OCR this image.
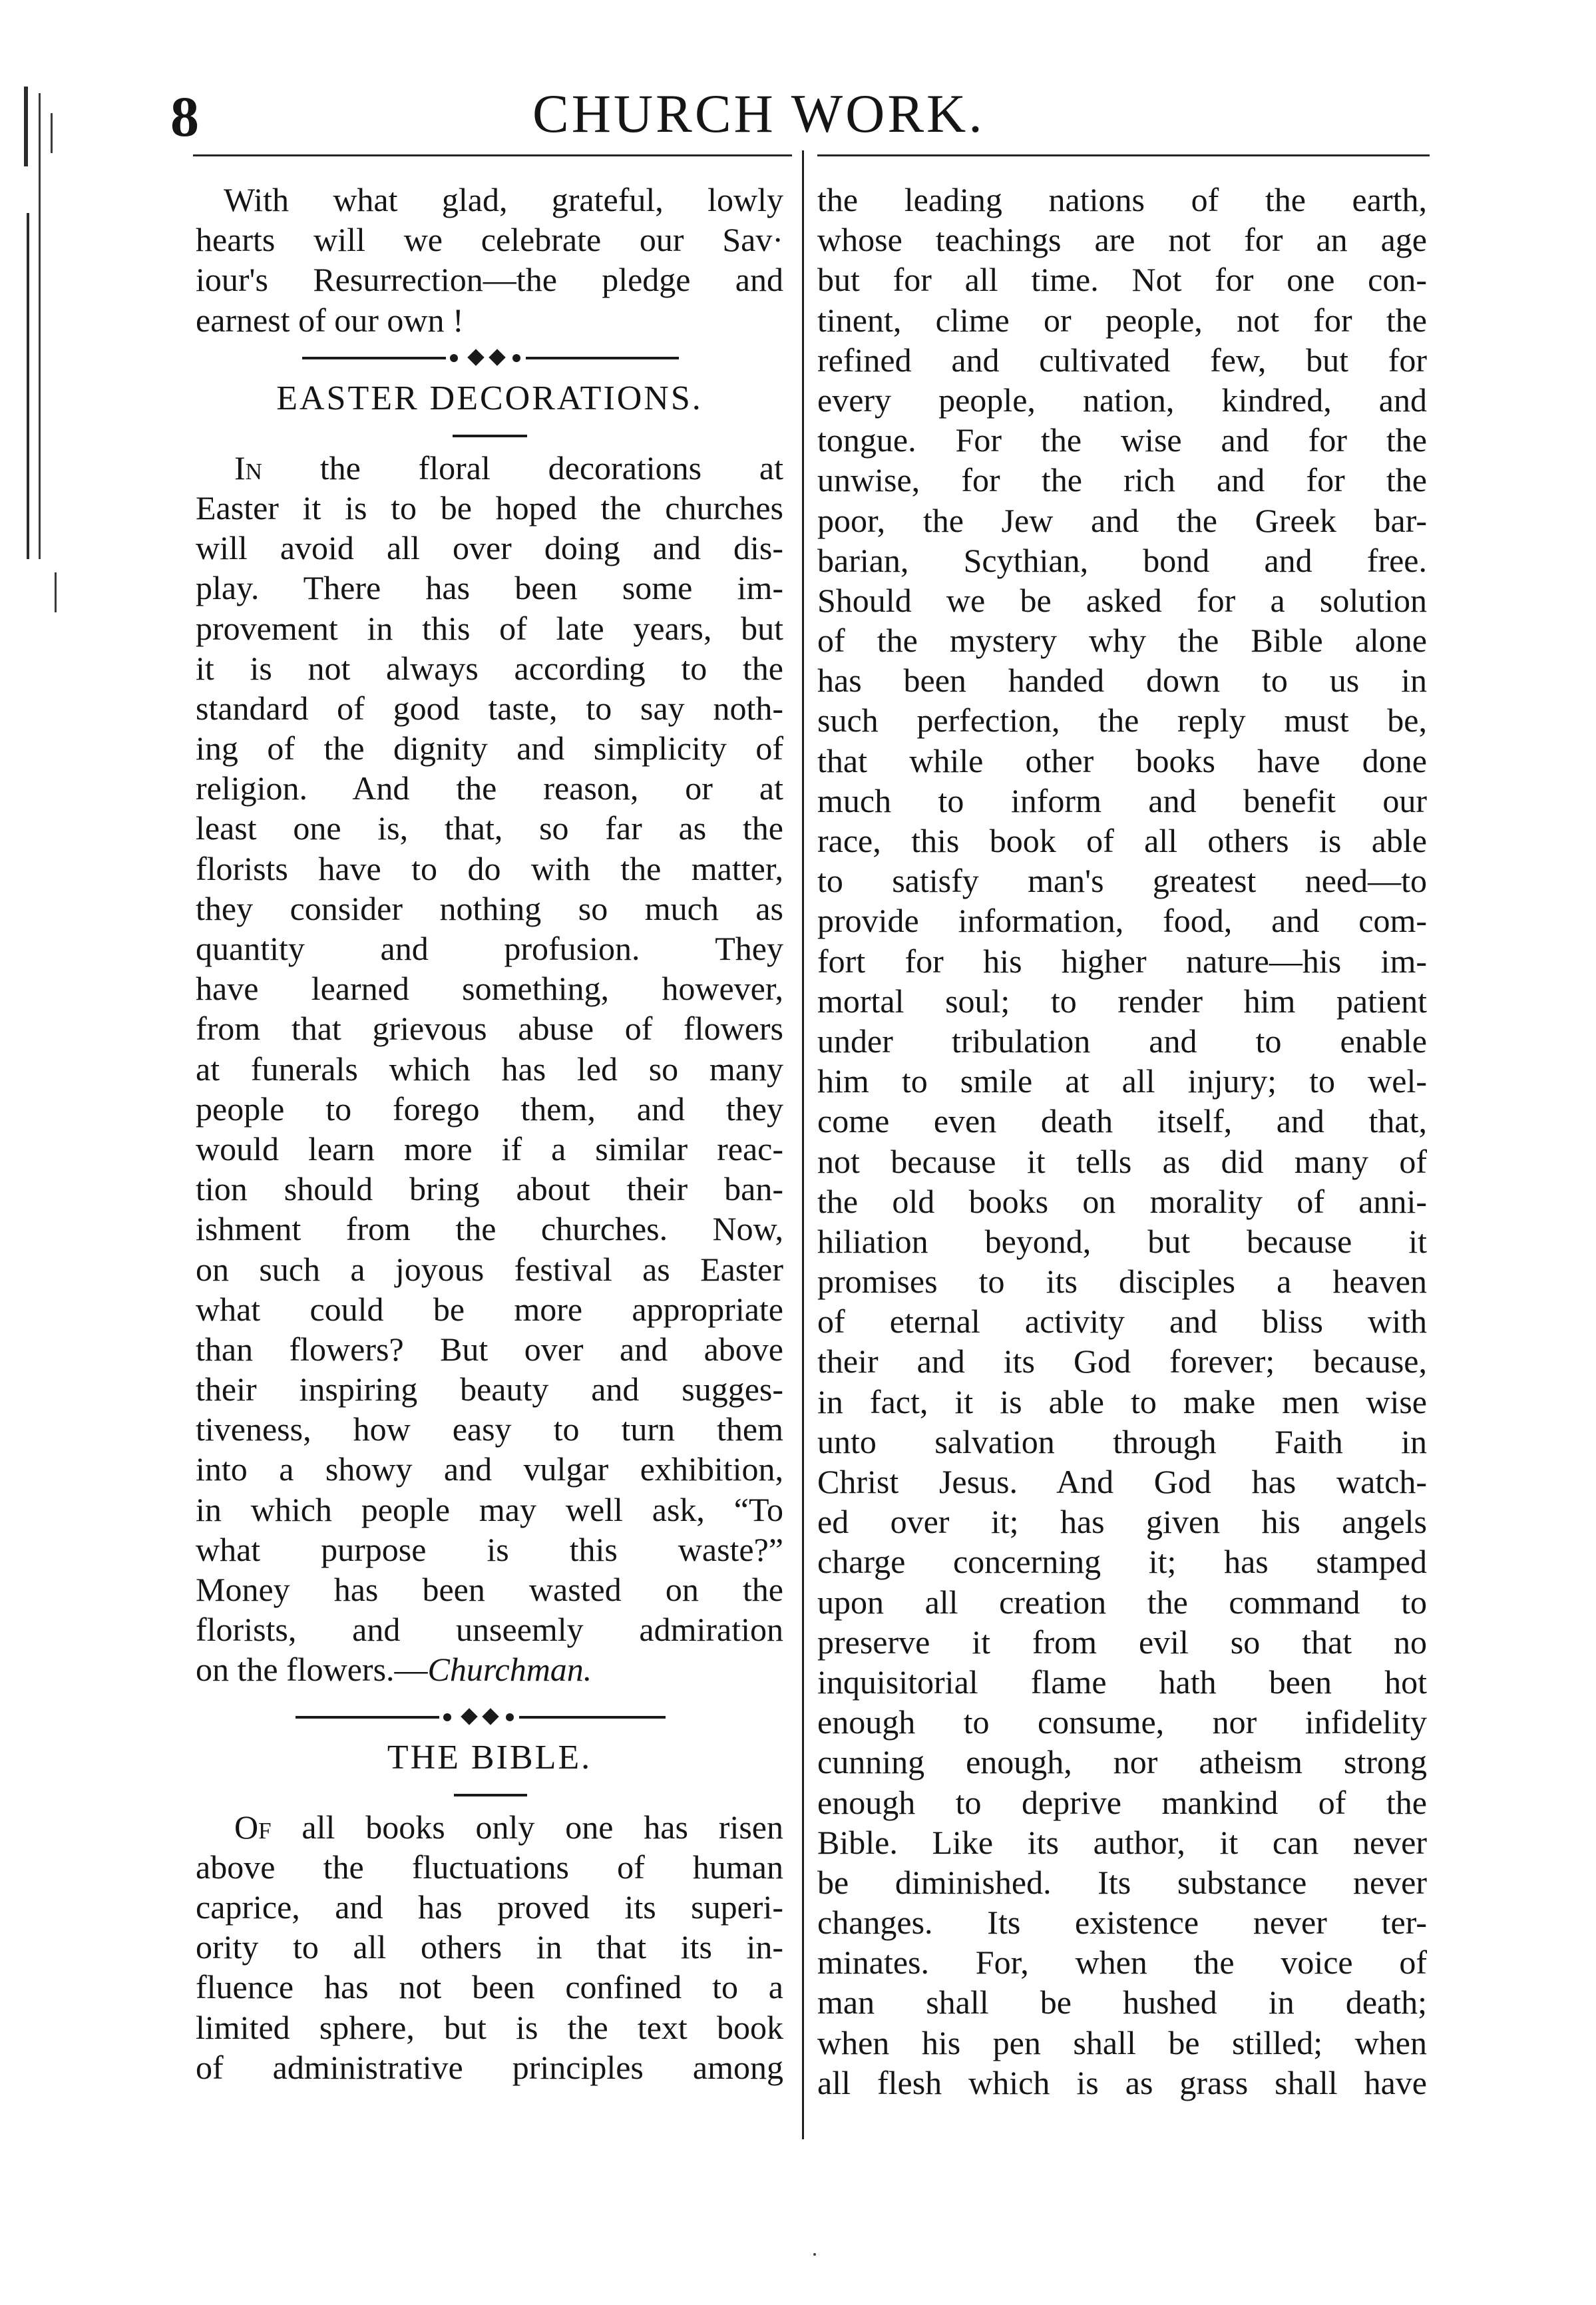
8	CHURCH WORK.
With what glad, grateful, lowly
hearts will we celebrate our Sav·
iour's Resurrection—the pledge and
earnest of our own !
EASTER DECORATIONS.
In the floral decorations at
Easter it is to be hoped the churches
will avoid all over doing and dis-
play. There has been some im-
provement in this of late years, but
it is not always according to the
standard of good taste, to say noth-
ing of the dignity and simplicity of
religion. And the reason, or at
least one is, that, so far as the
florists have to do with the matter,
they consider nothing so much as
quantity and profusion. They
have learned something, however,
from that grievous abuse of flowers
at funerals which has led so many
people to forego them, and they
would learn more if a similar reac-
tion should bring about their ban-
ishment from the churches. Now,
on such a joyous festival as Easter
what could be more appropriate
than flowers? But over and above
their inspiring beauty and sugges-
tiveness, how easy to turn them
into a showy and vulgar exhibition,
in which people may well ask, “To
what purpose is this waste?”
Money has been wasted on the
florists, and unseemly admiration
on the flowers.—Churchman.
THE BIBLE.
Of all books only one has risen
above the fluctuations of human
caprice, and has proved its superi-
ority to all others in that its in-
fluence has not been confined to a
limited sphere, but is the text book
of administrative principles among
the leading nations of the earth,
whose teachings are not for an age
but for all time. Not for one con-
tinent, clime or people, not for the
refined and cultivated few, but for
every people, nation, kindred, and
tongue. For the wise and for the
unwise, for the rich and for the
poor, the Jew and the Greek bar-
barian, Scythian, bond and free.
Should we be asked for a solution
of the mystery why the Bible alone
has been handed down to us in
such perfection, the reply must be,
that while other books have done
much to inform and benefit our
race, this book of all others is able
to satisfy man's greatest need—to
provide information, food, and com-
fort for his higher nature—his im-
mortal soul; to render him patient
under tribulation and to enable
him to smile at all injury; to wel-
come even death itself, and that,
not because it tells as did many of
the old books on morality of anni-
hiliation beyond, but because it
promises to its disciples a heaven
of eternal activity and bliss with
their and its God forever; because,
in fact, it is able to make men wise
unto salvation through Faith in
Christ Jesus. And God has watch-
ed over it; has given his angels
charge concerning it; has stamped
upon all creation the command to
preserve it from evil so that no
inquisitorial flame hath been hot
enough to consume, nor infidelity
cunning enough, nor atheism strong
enough to deprive mankind of the
Bible. Like its author, it can never
be diminished. Its substance never
changes. Its existence never ter-
minates. For, when the voice of
man shall be hushed in death;
when his pen shall be stilled; when
all flesh which is as grass shall have
